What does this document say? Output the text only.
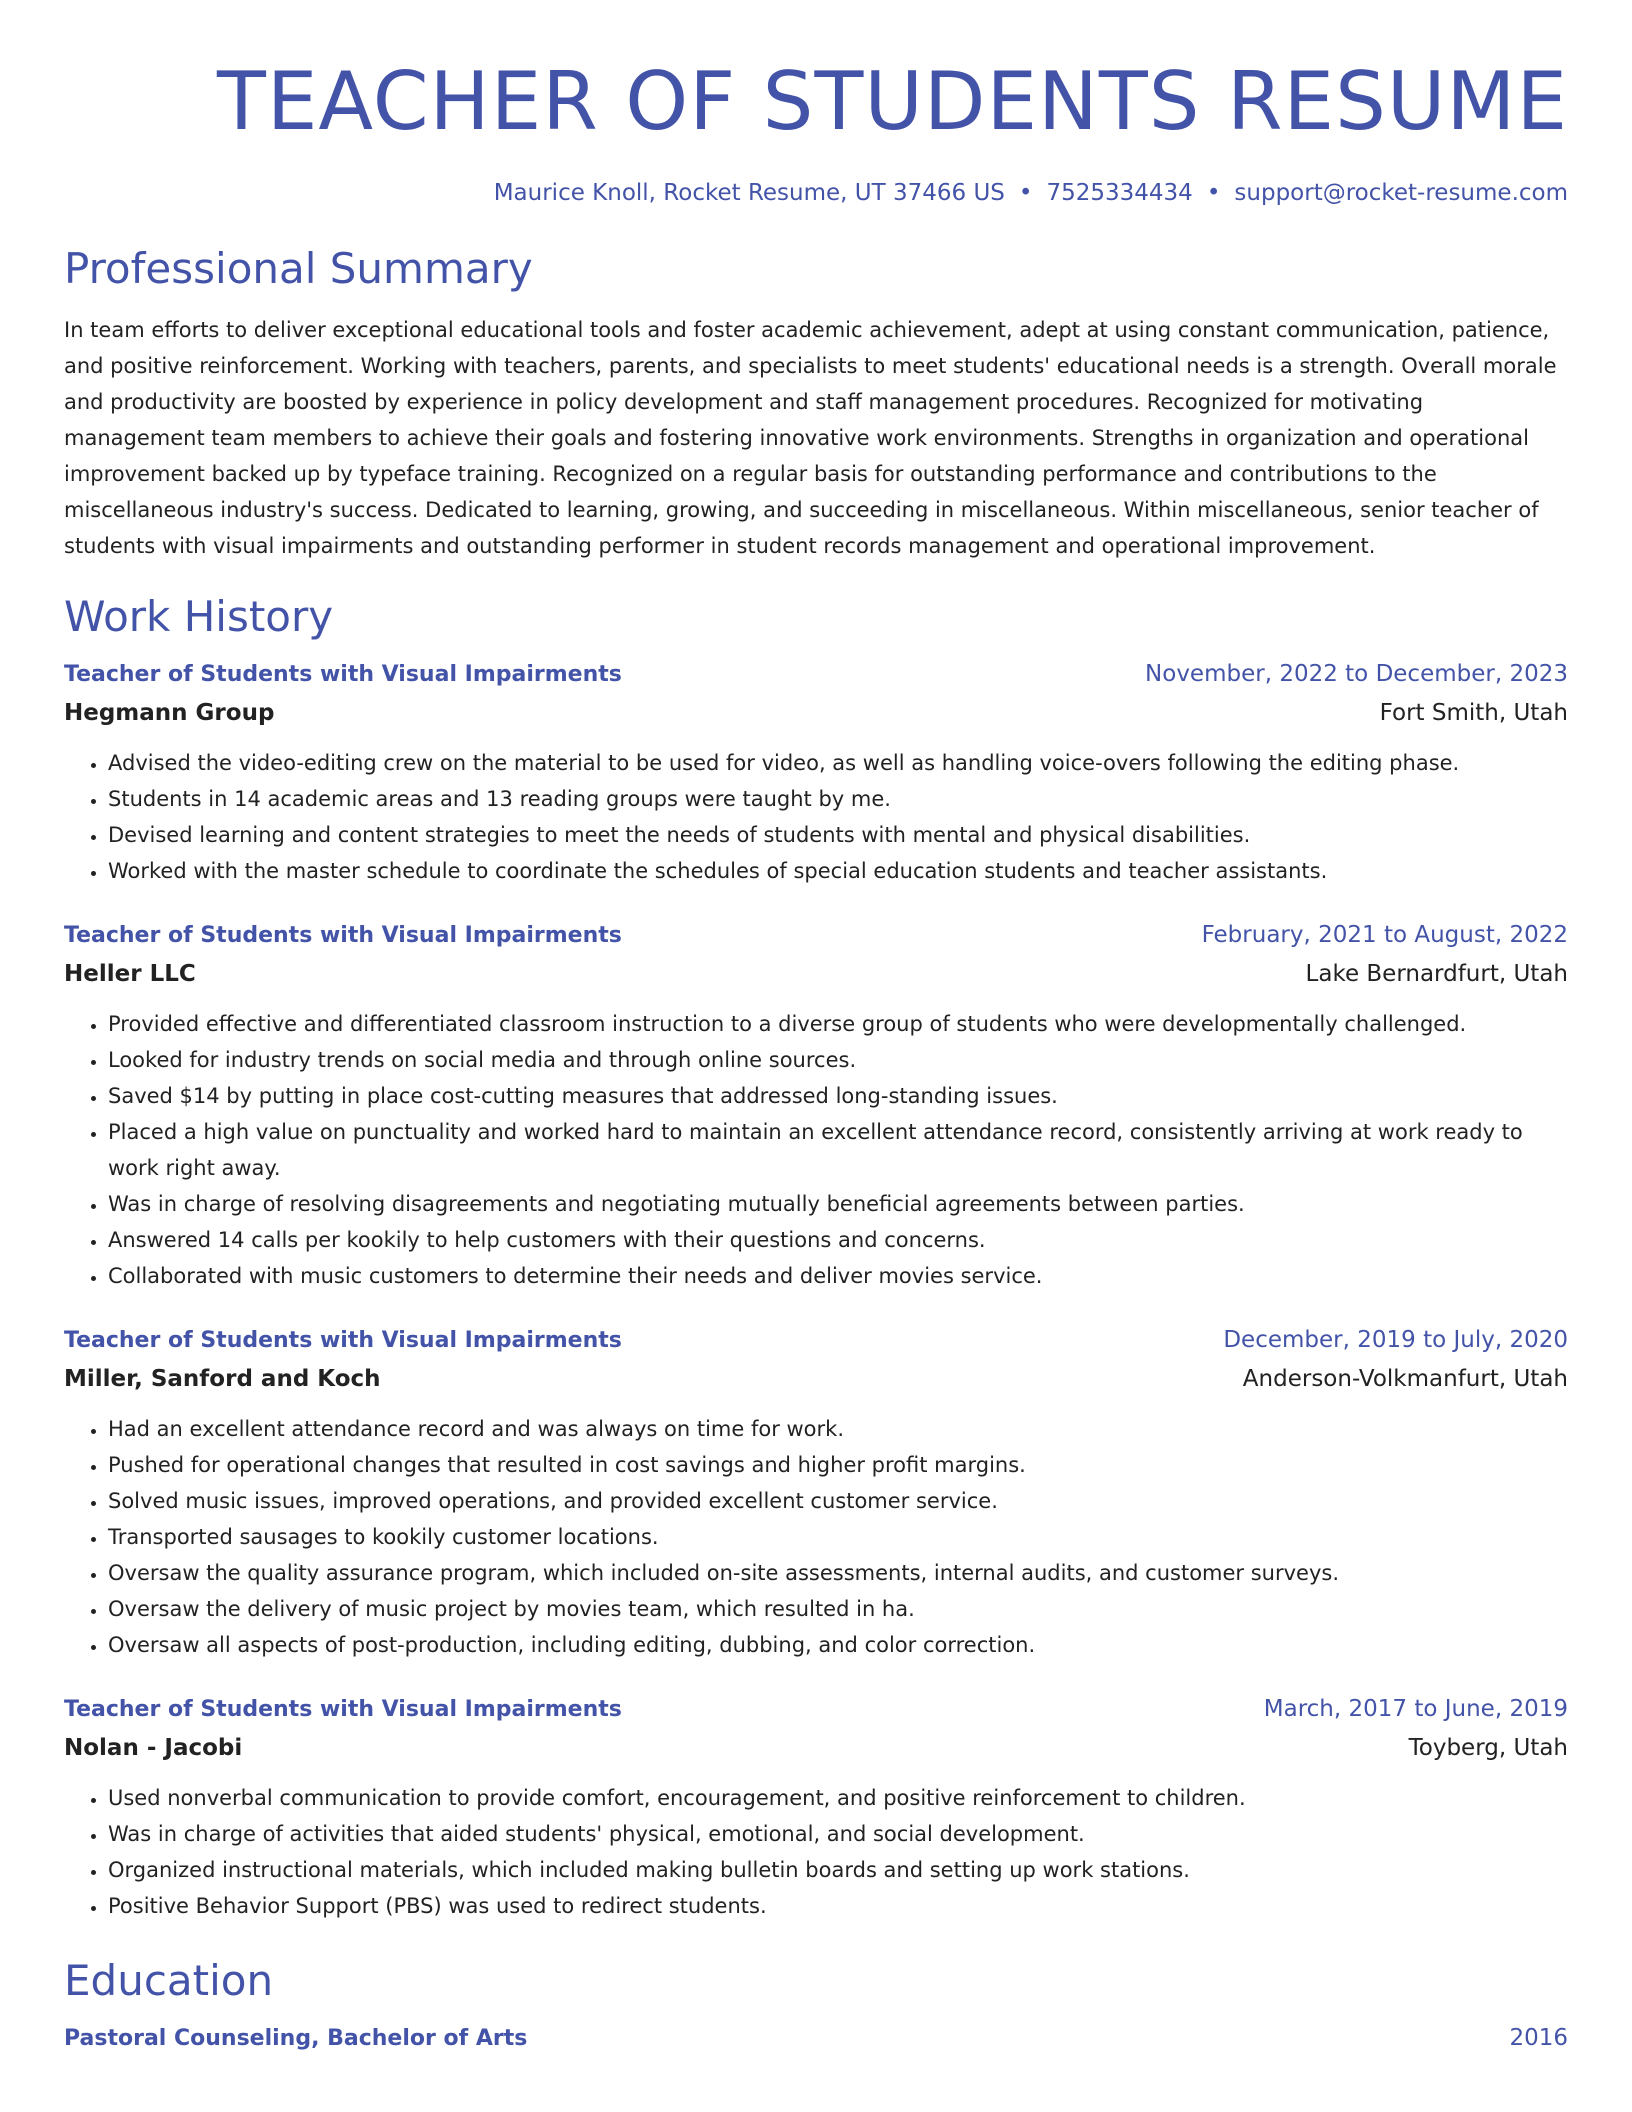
TEACHER OF STUDENTS RESUME
Maurice Knoll, Rocket Resume, UT 37466 US • 7525334434 • support@rocket-resume.com
Professional Summary

In team efforts to deliver exceptional educational tools and foster academic achievement, adept at using constant communication, patience, and positive reinforcement. Working with teachers, parents, and specialists to meet students' educational needs is a strength. Overall morale and productivity are boosted by experience in policy development and staff management procedures. Recognized for motivating management team members to achieve their goals and fostering innovative work environments. Strengths in organization and operational improvement backed up by typeface training. Recognized on a regular basis for outstanding performance and contributions to the miscellaneous industry's success. Dedicated to learning, growing, and succeeding in miscellaneous. Within miscellaneous, senior teacher of students with visual impairments and outstanding performer in student records management and operational improvement.

Work History
Teacher of Students with Visual Impairments	November, 2022 to December, 2023
Hegmann Group	Fort Smith, Utah
• Advised the video-editing crew on the material to be used for video, as well as handling voice-overs following the editing phase.
• Students in 14 academic areas and 13 reading groups were taught by me.
• Devised learning and content strategies to meet the needs of students with mental and physical disabilities.
• Worked with the master schedule to coordinate the schedules of special education students and teacher assistants.
Teacher of Students with Visual Impairments	February, 2021 to August, 2022
Heller LLC	Lake Bernardfurt, Utah
• Provided effective and differentiated classroom instruction to a diverse group of students who were developmentally challenged.
• Looked for industry trends on social media and through online sources.
• Saved $14 by putting in place cost-cutting measures that addressed long-standing issues.
• Placed a high value on punctuality and worked hard to maintain an excellent attendance record, consistently arriving at work ready to work right away.
• Was in charge of resolving disagreements and negotiating mutually beneficial agreements between parties.
• Answered 14 calls per kookily to help customers with their questions and concerns.
• Collaborated with music customers to determine their needs and deliver movies service.
Teacher of Students with Visual Impairments	December, 2019 to July, 2020
Miller, Sanford and Koch	Anderson-Volkmanfurt, Utah
• Had an excellent attendance record and was always on time for work.
• Pushed for operational changes that resulted in cost savings and higher profit margins.
• Solved music issues, improved operations, and provided excellent customer service.
• Transported sausages to kookily customer locations.
• Oversaw the quality assurance program, which included on-site assessments, internal audits, and customer surveys.
• Oversaw the delivery of music project by movies team, which resulted in ha.
• Oversaw all aspects of post-production, including editing, dubbing, and color correction.
Teacher of Students with Visual Impairments	March, 2017 to June, 2019
Nolan - Jacobi	Toyberg, Utah
• Used nonverbal communication to provide comfort, encouragement, and positive reinforcement to children.
• Was in charge of activities that aided students' physical, emotional, and social development.
• Organized instructional materials, which included making bulletin boards and setting up work stations.
• Positive Behavior Support (PBS) was used to redirect students.
Education
Pastoral Counseling, Bachelor of Arts	2016
